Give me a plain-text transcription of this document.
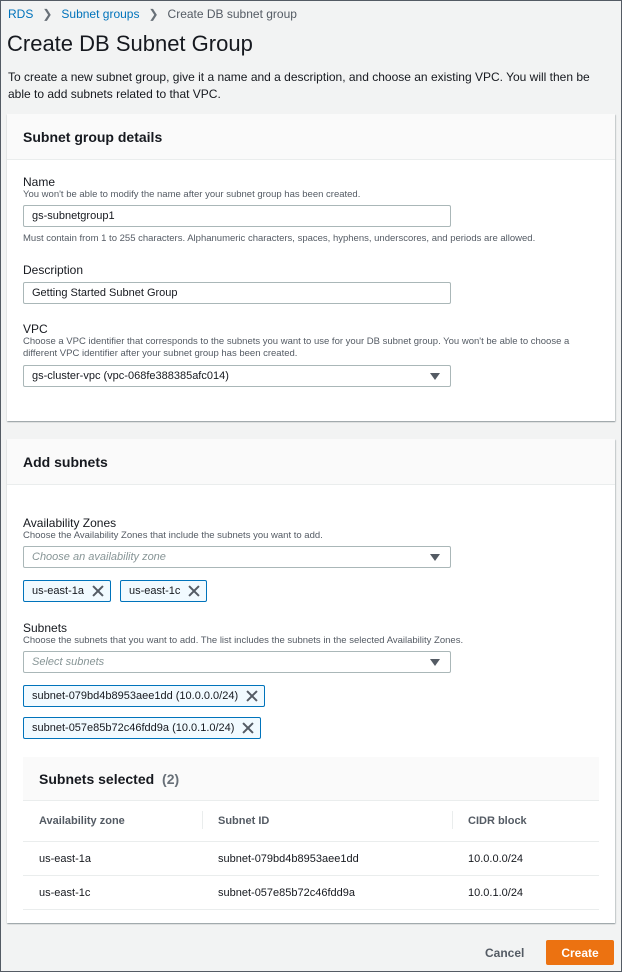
RDS ❯ Subnet groups ❯ Create DB subnet group
Create DB Subnet Group

To create a new subnet group, give it a name and a description, and choose an existing VPC. You will then be able to add subnets related to that VPC.

Subnet group details
Name
You won't be able to modify the name after your subnet group has been created.
gs-subnetgroup1
Must contain from 1 to 255 characters. Alphanumeric characters, spaces, hyphens, underscores, and periods are allowed.
Description
Getting Started Subnet Group
VPC
Choose a VPC identifier that corresponds to the subnets you want to use for your DB subnet group. You won't be able to choose a different VPC identifier after your subnet group has been created.
gs-cluster-vpc (vpc-068fe388385afc014)
Add subnets
Availability Zones
Choose the Availability Zones that include the subnets you want to add.
Choose an availability zone
us-east-1a	us-east-1c
Subnets
Choose the subnets that you want to add. The list includes the subnets in the selected Availability Zones.
Select subnets
subnet-079bd4b8953aee1dd (10.0.0.0/24)
subnet-057e85b72c46fdd9a (10.0.1.0/24)
Subnets selected (2)
Availability zone	Subnet ID	CIDR block
us-east-1a	subnet-079bd4b8953aee1dd	10.0.0.0/24
us-east-1c	subnet-057e85b72c46fdd9a	10.0.1.0/24
Cancel	Create
